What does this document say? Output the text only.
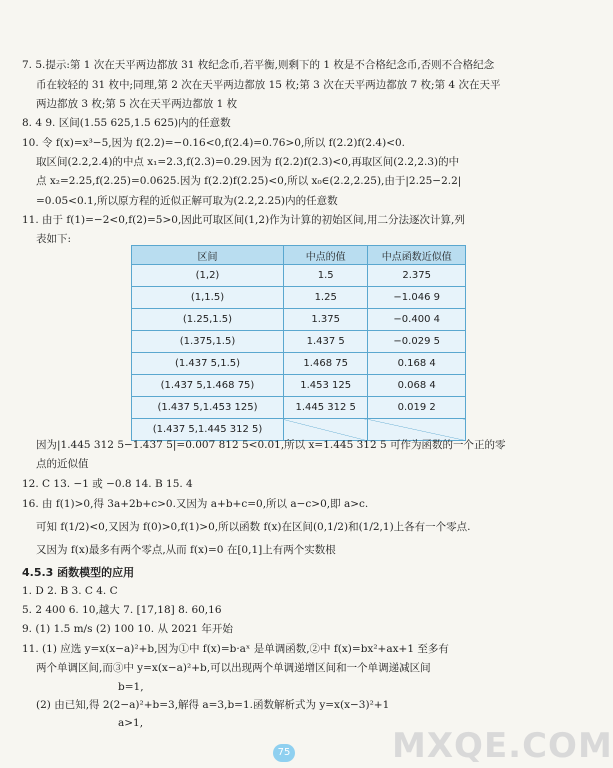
7. 5.提示:第 1 次在天平两边都放 31 枚纪念币,若平衡,则剩下的 1 枚是不合格纪念币,否则不合格纪念
币在较轻的 31 枚中;同理,第 2 次在天平两边都放 15 枚;第 3 次在天平两边都放 7 枚;第 4 次在天平
两边都放 3 枚;第 5 次在天平两边都放 1 枚
8. 4 9. 区间(1.55 625,1.5 625)内的任意数
10. 令 f(x)=x³−5,因为 f(2.2)=−0.16<0,f(2.4)=0.76>0,所以 f(2.2)f(2.4)<0.
取区间(2.2,2.4)的中点 x₁=2.3,f(2.3)=0.29.因为 f(2.2)f(2.3)<0,再取区间(2.2,2.3)的中
点 x₂=2.25,f(2.25)=0.0625.因为 f(2.2)f(2.25)<0,所以 x₀∈(2.2,2.25),由于|2.25−2.2|
=0.05<0.1,所以原方程的近似正解可取为(2.2,2.25)内的任意数
11. 由于 f(1)=−2<0,f(2)=5>0,因此可取区间(1,2)作为计算的初始区间,用二分法逐次计算,列
表如下:
区间	中点的值	中点函数近似值
(1,2)	1.5	2.375
(1,1.5)	1.25	−1.046 9
(1.25,1.5)	1.375	−0.400 4
(1.375,1.5)	1.437 5	−0.029 5
(1.437 5,1.5)	1.468 75	0.168 4
(1.437 5,1.468 75)	1.453 125	0.068 4
(1.437 5,1.453 125)	1.445 312 5	0.019 2
(1.437 5,1.445 312 5)		
因为|1.445 312 5−1.437 5|=0.007 812 5<0.01,所以 x=1.445 312 5 可作为函数的一个正的零
点的近似值
12. C 13. −1 或 −0.8 14. B 15. 4
16. 由 f(1)>0,得 3a+2b+c>0.又因为 a+b+c=0,所以 a−c>0,即 a>c.
可知 f(1/2)<0,又因为 f(0)>0,f(1)>0,所以函数 f(x)在区间(0,1/2)和(1/2,1)上各有一个零点.
又因为 f(x)最多有两个零点,从而 f(x)=0 在[0,1]上有两个实数根
4.5.3 函数模型的应用
1. D 2. B 3. C 4. C
5. 2 400 6. 10,越大 7. [17,18] 8. 60,16
9. (1) 1.5 m/s (2) 100 10. 从 2021 年开始
11. (1) 应选 y=x(x−a)²+b,因为①中 f(x)=b·aˣ 是单调函数,②中 f(x)=bx²+ax+1 至多有
两个单调区间,而③中 y=x(x−a)²+b,可以出现两个单调递增区间和一个单调递减区间
b=1,
(2) 由已知,得 2(2−a)²+b=3,解得 a=3,b=1.函数解析式为 y=x(x−3)²+1
a>1,
MXQE.COM
75
